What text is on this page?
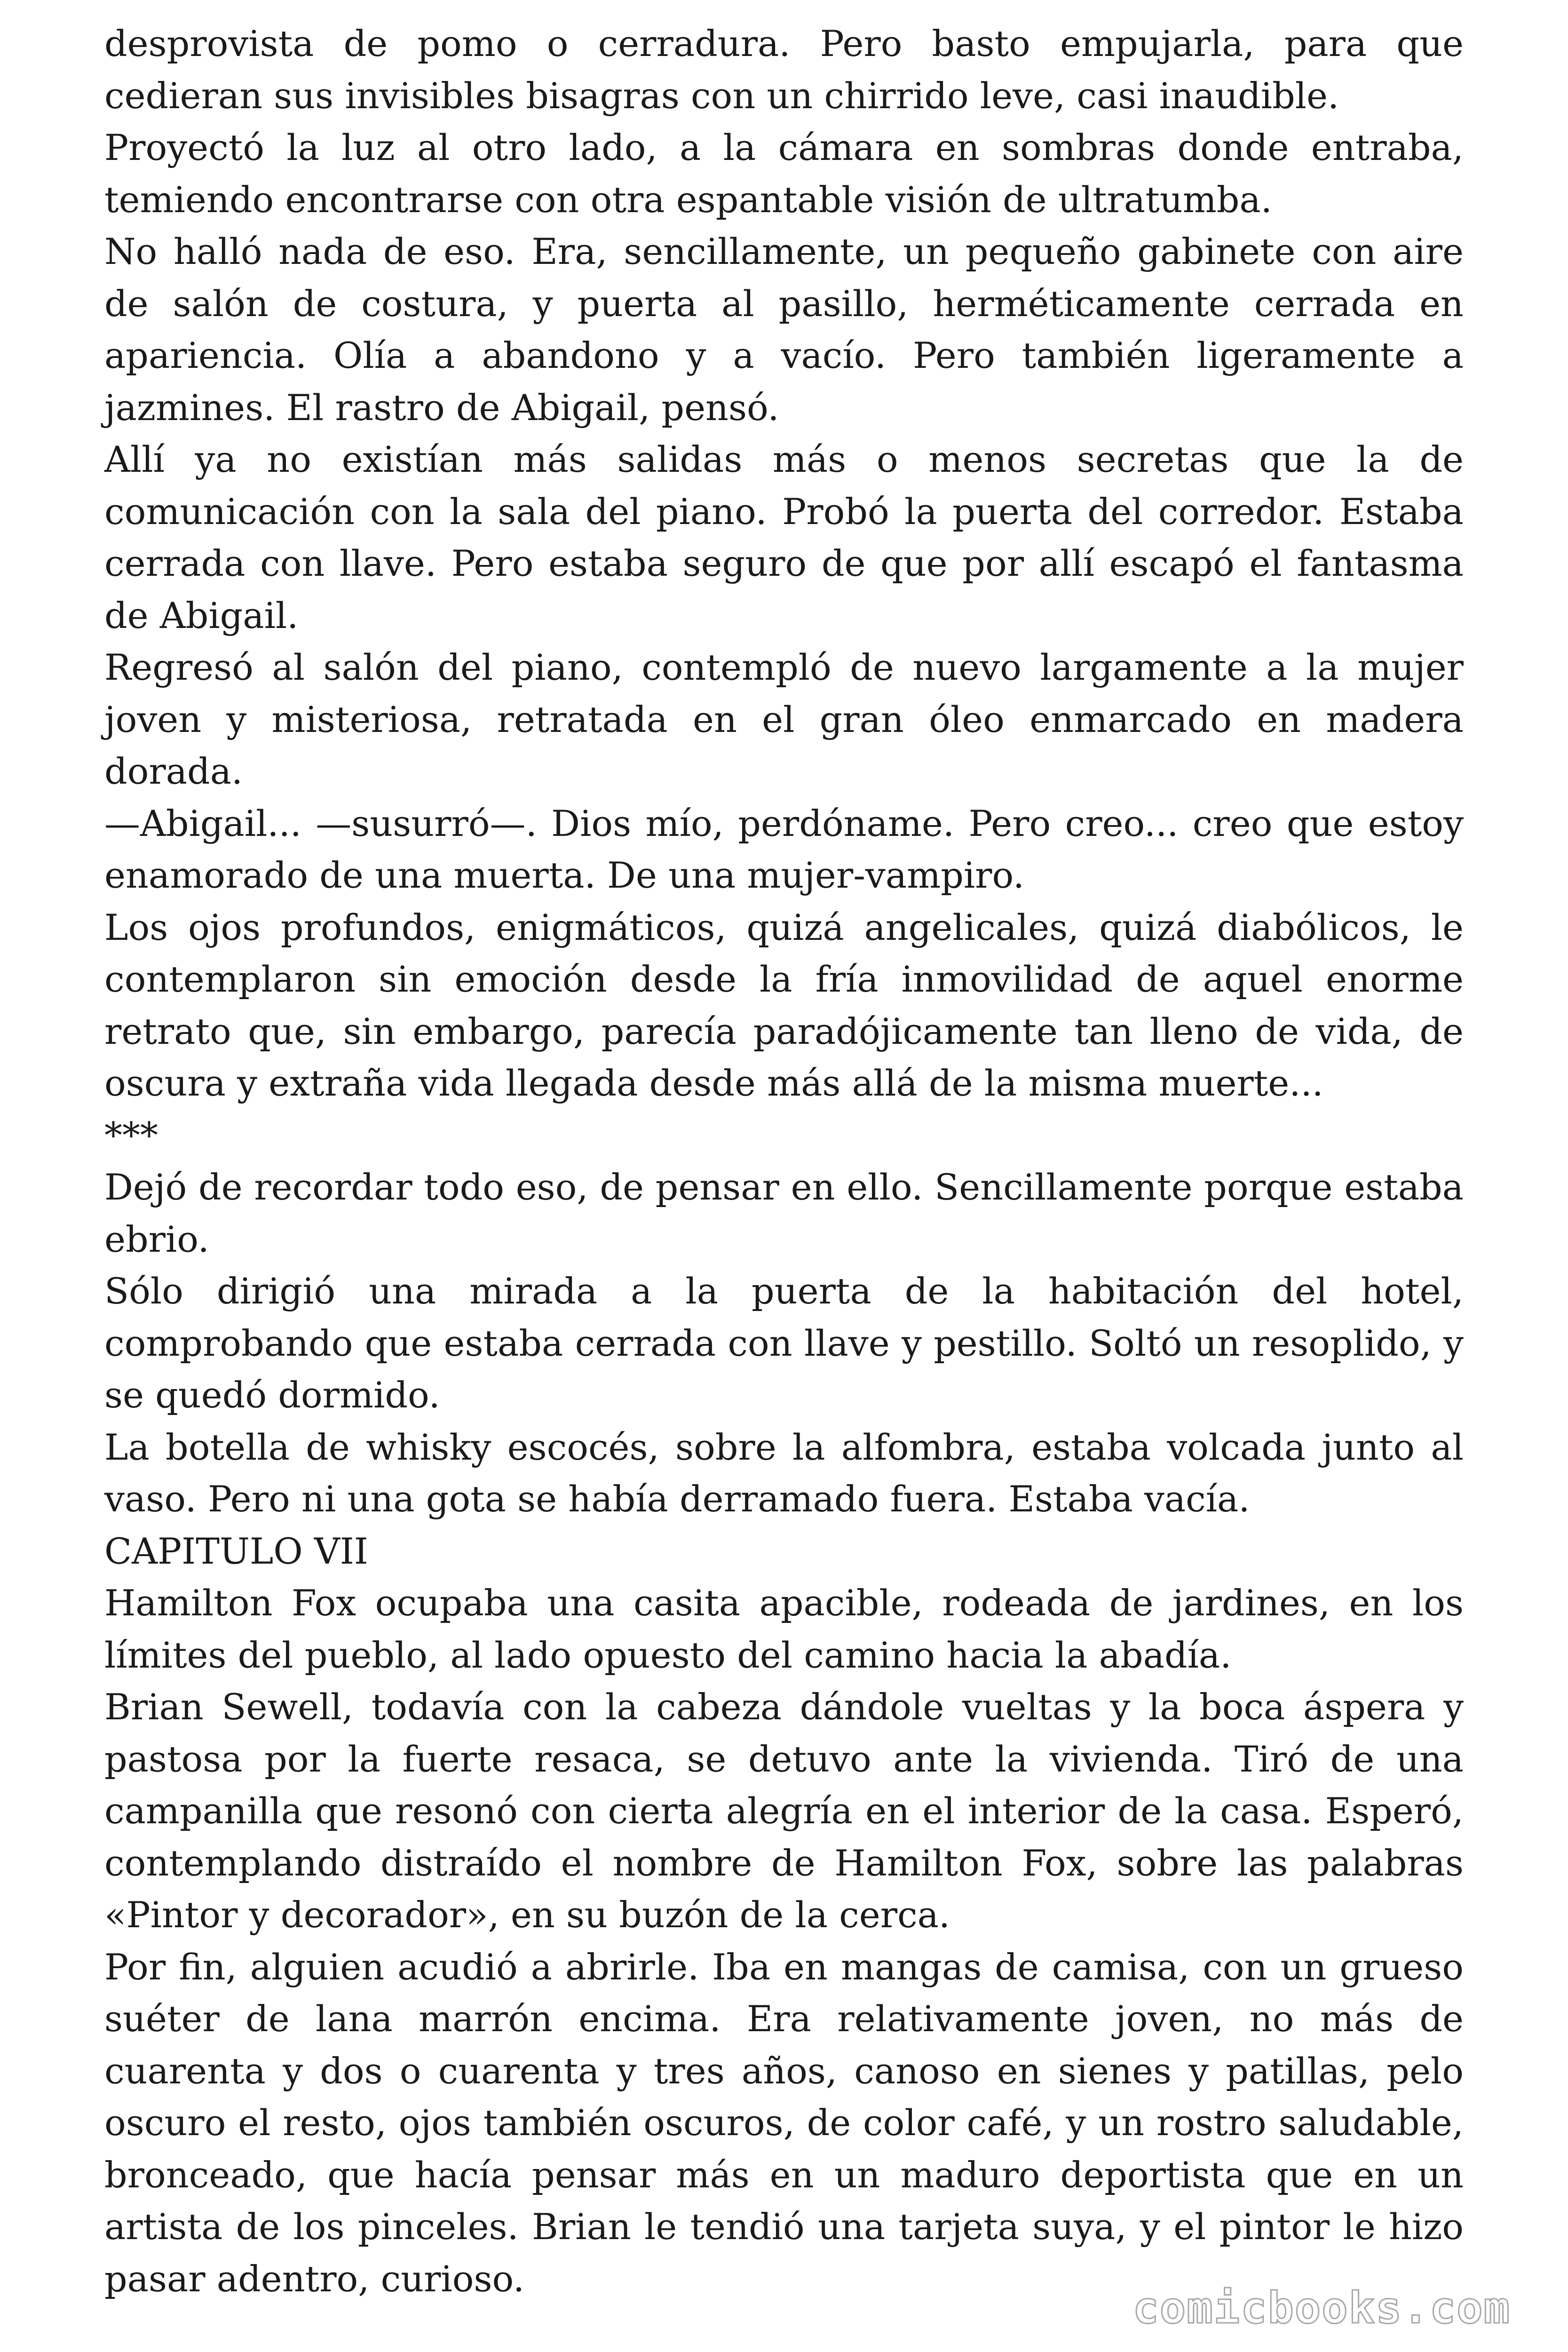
desprovista de pomo o cerradura. Pero basto empujarla, para que cedieran sus invisibles bisagras con un chirrido leve, casi inaudible.

Proyectó la luz al otro lado, a la cámara en sombras donde entraba, temiendo encontrarse con otra espantable visión de ultratumba.

No halló nada de eso. Era, sencillamente, un pequeño gabinete con aire de salón de costura, y puerta al pasillo, herméticamente cerrada en apariencia. Olía a abandono y a vacío. Pero también ligeramente a jazmines. El rastro de Abigail, pensó.

Allí ya no existían más salidas más o menos secretas que la de comunicación con la sala del piano. Probó la puerta del corredor. Estaba cerrada con llave. Pero estaba seguro de que por allí escapó el fantasma de Abigail.

Regresó al salón del piano, contempló de nuevo largamente a la mujer joven y misteriosa, retratada en el gran óleo enmarcado en madera dorada.

—Abigail... —susurró—. Dios mío, perdóname. Pero creo... creo que estoy enamorado de una muerta. De una mujer-vampiro.

Los ojos profundos, enigmáticos, quizá angelicales, quizá diabólicos, le contemplaron sin emoción desde la fría inmovilidad de aquel enorme retrato que, sin embargo, parecía paradójicamente tan lleno de vida, de oscura y extraña vida llegada desde más allá de la misma muerte...

***

Dejó de recordar todo eso, de pensar en ello. Sencillamente porque estaba ebrio.

Sólo dirigió una mirada a la puerta de la habitación del hotel, comprobando que estaba cerrada con llave y pestillo. Soltó un resoplido, y se quedó dormido.

La botella de whisky escocés, sobre la alfombra, estaba volcada junto al vaso. Pero ni una gota se había derramado fuera. Estaba vacía.

CAPITULO VII

Hamilton Fox ocupaba una casita apacible, rodeada de jardines, en los límites del pueblo, al lado opuesto del camino hacia la abadía.

Brian Sewell, todavía con la cabeza dándole vueltas y la boca áspera y pastosa por la fuerte resaca, se detuvo ante la vivienda. Tiró de una campanilla que resonó con cierta alegría en el interior de la casa. Esperó, contemplando distraído el nombre de Hamilton Fox, sobre las palabras «Pintor y decorador», en su buzón de la cerca.

Por fin, alguien acudió a abrirle. Iba en mangas de camisa, con un grueso suéter de lana marrón encima. Era relativamente joven, no más de cuarenta y dos o cuarenta y tres años, canoso en sienes y patillas, pelo oscuro el resto, ojos también oscuros, de color café, y un rostro saludable, bronceado, que hacía pensar más en un maduro deportista que en un artista de los pinceles. Brian le tendió una tarjeta suya, y el pintor le hizo pasar adentro, curioso.

comicbooks.com
